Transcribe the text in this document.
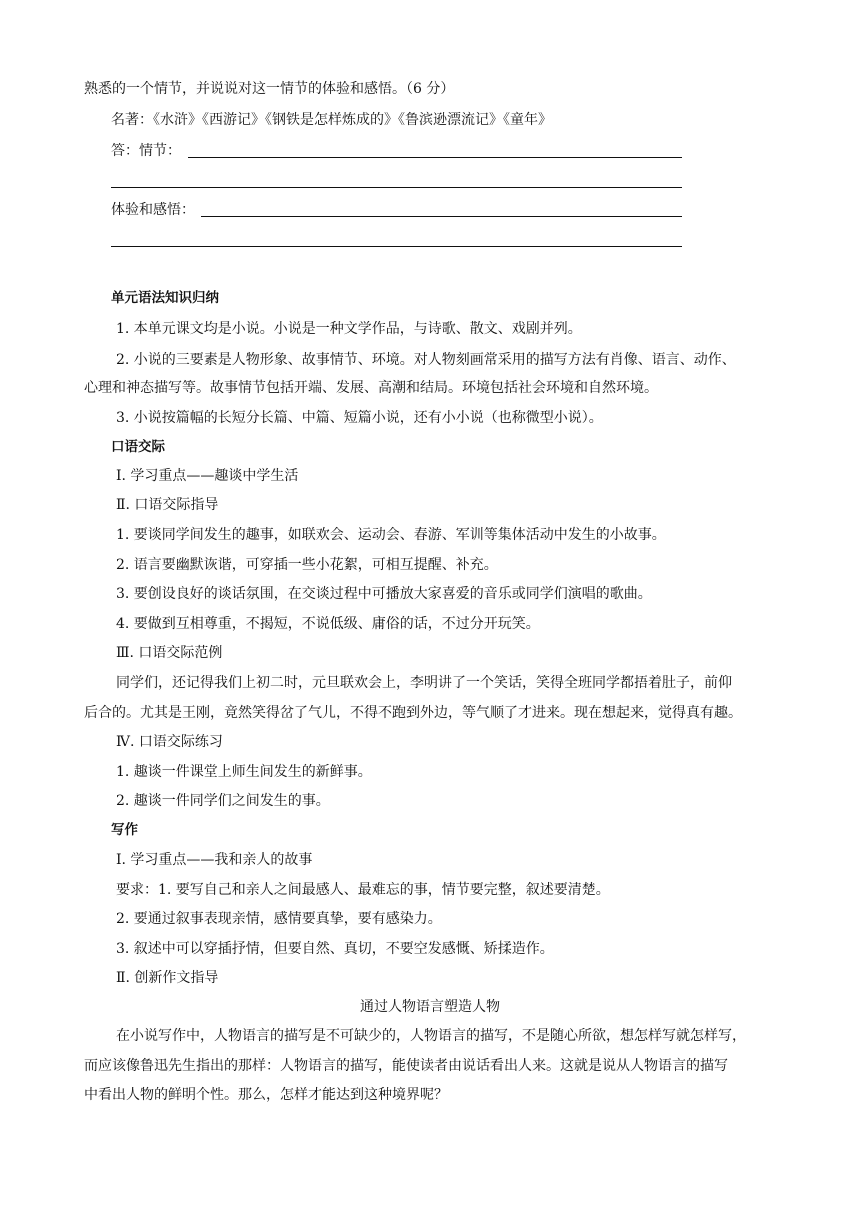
熟悉的一个情节，并说说对这一情节的体验和感悟。（6 分）
名著：《水浒》《西游记》《钢铁是怎样炼成的》《鲁滨逊漂流记》《童年》
答：情节：
体验和感悟：
单元语法知识归纳
1. 本单元课文均是小说。小说是一种文学作品，与诗歌、散文、戏剧并列。
2. 小说的三要素是人物形象、故事情节、环境。对人物刻画常采用的描写方法有肖像、语言、动作、
心理和神态描写等。故事情节包括开端、发展、高潮和结局。环境包括社会环境和自然环境。
3. 小说按篇幅的长短分长篇、中篇、短篇小说，还有小小说（也称微型小说）。
口语交际
Ⅰ. 学习重点——趣谈中学生活
Ⅱ. 口语交际指导
1. 要谈同学间发生的趣事，如联欢会、运动会、春游、军训等集体活动中发生的小故事。
2. 语言要幽默诙谐，可穿插一些小花絮，可相互提醒、补充。
3. 要创设良好的谈话氛围，在交谈过程中可播放大家喜爱的音乐或同学们演唱的歌曲。
4. 要做到互相尊重，不揭短，不说低级、庸俗的话，不过分开玩笑。
Ⅲ. 口语交际范例
同学们，还记得我们上初二时，元旦联欢会上，李明讲了一个笑话，笑得全班同学都捂着肚子，前仰
后合的。尤其是王刚，竟然笑得岔了气儿，不得不跑到外边，等气顺了才进来。现在想起来，觉得真有趣。
Ⅳ. 口语交际练习
1. 趣谈一件课堂上师生间发生的新鲜事。
2. 趣谈一件同学们之间发生的事。
写作
Ⅰ. 学习重点——我和亲人的故事
要求：1. 要写自己和亲人之间最感人、最难忘的事，情节要完整，叙述要清楚。
2. 要通过叙事表现亲情，感情要真挚，要有感染力。
3. 叙述中可以穿插抒情，但要自然、真切，不要空发感慨、矫揉造作。
Ⅱ. 创新作文指导
通过人物语言塑造人物
在小说写作中，人物语言的描写是不可缺少的，人物语言的描写，不是随心所欲，想怎样写就怎样写，
而应该像鲁迅先生指出的那样：人物语言的描写，能使读者由说话看出人来。这就是说从人物语言的描写
中看出人物的鲜明个性。那么，怎样才能达到这种境界呢？
